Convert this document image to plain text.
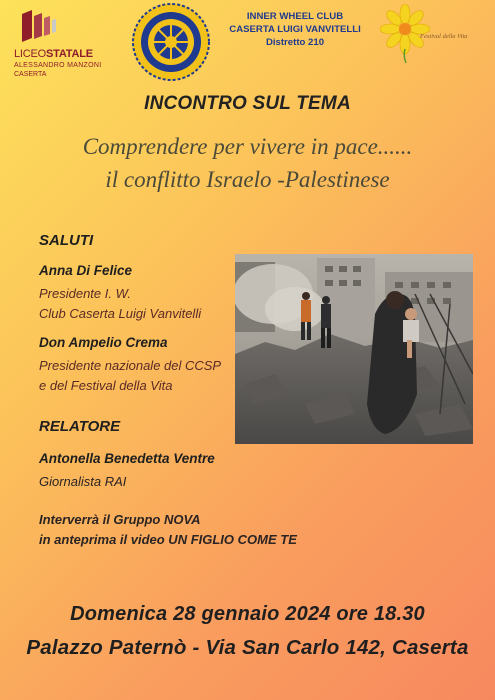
LICEOSTATALE
ALESSANDRO MANZONI
CASERTA
INNER WHEEL CLUB
CASERTA LUIGI VANVITELLI
Distretto 210
Festival della Vita
INCONTRO SUL TEMA
Comprendere per vivere in pace......
il conflitto Israelo -Palestinese
SALUTI
Anna Di Felice
Presidente I. W.
Club Caserta Luigi Vanvitelli
Don Ampelio Crema
Presidente nazionale del CCSP
e del Festival della Vita
RELATORE
Antonella Benedetta Ventre
Giornalista RAI
Interverrà il Gruppo NOVA
in anteprima il video UN FIGLIO COME TE
Domenica 28 gennaio 2024 ore 18.30
Palazzo Paternò - Via San Carlo 142, Caserta
